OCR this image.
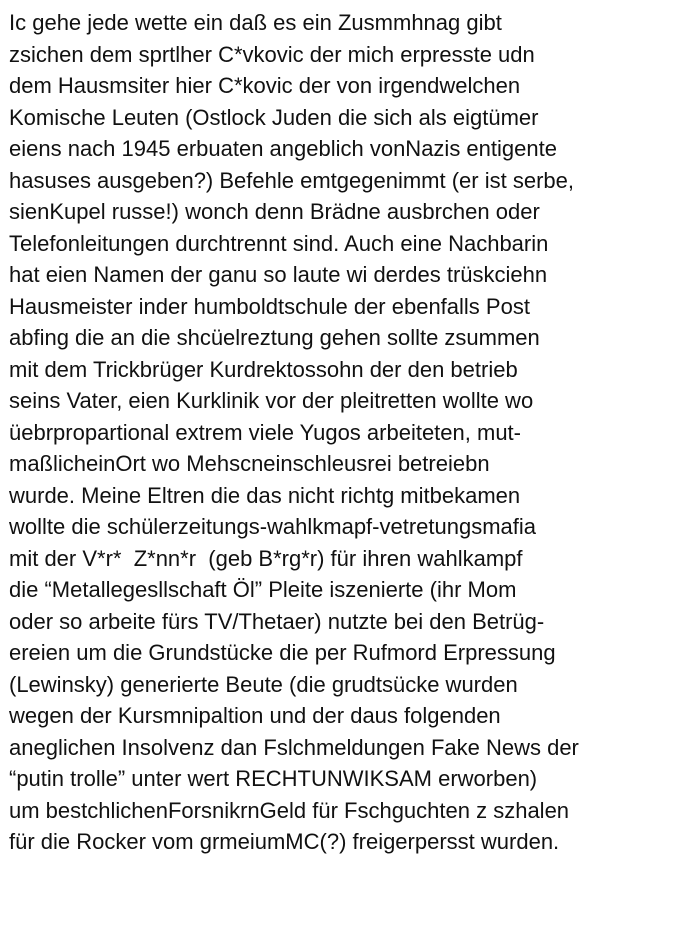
Ic gehe jede wette ein daß es ein Zusmmhnag gibt
zsichen dem sprtlher C*vkovic der mich erpresste udn
dem Hausmsiter hier C*kovic der von irgendwelchen
Komische Leuten (Ostlock Juden die sich als eigtümer
eiens nach 1945 erbuaten angeblich vonNazis entigente
hasuses ausgeben?) Befehle emtgegenimmt (er ist serbe,
sienKupel russe!) wonch denn Brädne ausbrchen oder
Telefonleitungen durchtrennt sind. Auch eine Nachbarin
hat eien Namen der ganu so laute wi derdes trüskciehn
Hausmeister inder humboldtschule der ebenfalls Post
abfing die an die shcüelreztung gehen sollte zsummen
mit dem Trickbrüger Kurdrektossohn der den betrieb
seins Vater, eien Kurklinik vor der pleitretten wollte wo
üebrpropartional extrem viele Yugos arbeiteten, mut-
maßlicheinOrt wo Mehscneinschleusrei betreiebn
wurde. Meine Eltren die das nicht richtg mitbekamen
wollte die schülerzeitungs-wahlkmapf-vetretungsmafia
mit der V*r*  Z*nn*r  (geb B*rg*r) für ihren wahlkampf
die “Metallegesllschaft Öl” Pleite iszenierte (ihr Mom
oder so arbeite fürs TV/Thetaer) nutzte bei den Betrüg-
ereien um die Grundstücke die per Rufmord Erpressung
(Lewinsky) generierte Beute (die grudtsücke wurden
wegen der Kursmnipaltion und der daus folgenden
aneglichen Insolvenz dan Fslchmeldungen Fake News der
“putin trolle” unter wert RECHTUNWIKSAM erworben)
um bestchlichenForsnikrnGeld für Fschguchten z szhalen
für die Rocker vom grmeiumMC(?) freigerpersst wurden.
